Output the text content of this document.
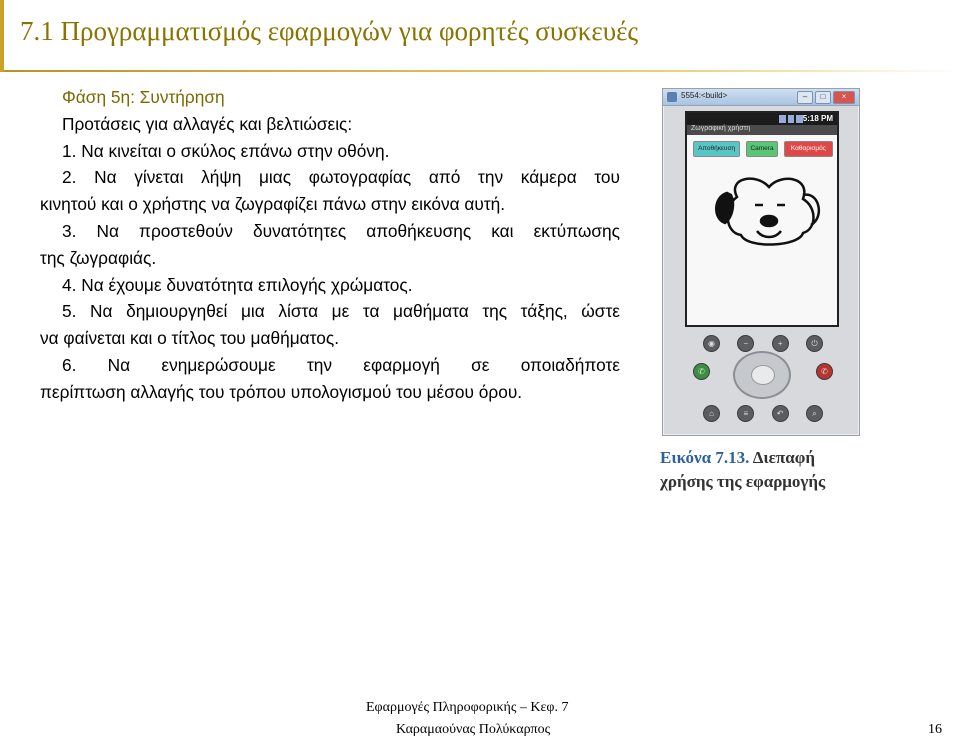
7.1 Προγραμματισμός εφαρμογών για φορητές συσκευές
Φάση 5η: Συντήρηση
Προτάσεις για αλλαγές και βελτιώσεις:
1. Να κινείται ο σκύλος επάνω στην οθόνη.
2. Να γίνεται λήψη μιας φωτογραφίας από την κάμερα του
κινητού και ο χρήστης να ζωγραφίζει πάνω στην εικόνα αυτή.
3. Να προστεθούν δυνατότητες αποθήκευσης και εκτύπωσης
της ζωγραφιάς.
4. Να έχουμε δυνατότητα επιλογής χρώματος.
5. Να δημιουργηθεί μια λίστα με τα μαθήματα της τάξης, ώστε
να φαίνεται και ο τίτλος του μαθήματος.
6. Να ενημερώσουμε την εφαρμογή σε οποιαδήποτε
περίπτωση αλλαγής του τρόπου υπολογισμού του μέσου όρου.
5554:<build>	–	□	×
5:18 PM
Ζωγραφική χρήστη
Αποθήκευση	Camera	Καθαρισμός
◉	−	+	⏻
✆	✆
⌂	≡	↶	⌕
Εικόνα 7.13. Διεπαφή
χρήσης της εφαρμογής
Εφαρμογές Πληροφορικής – Κεφ. 7
Καραμαούνας Πολύκαρπος	16
